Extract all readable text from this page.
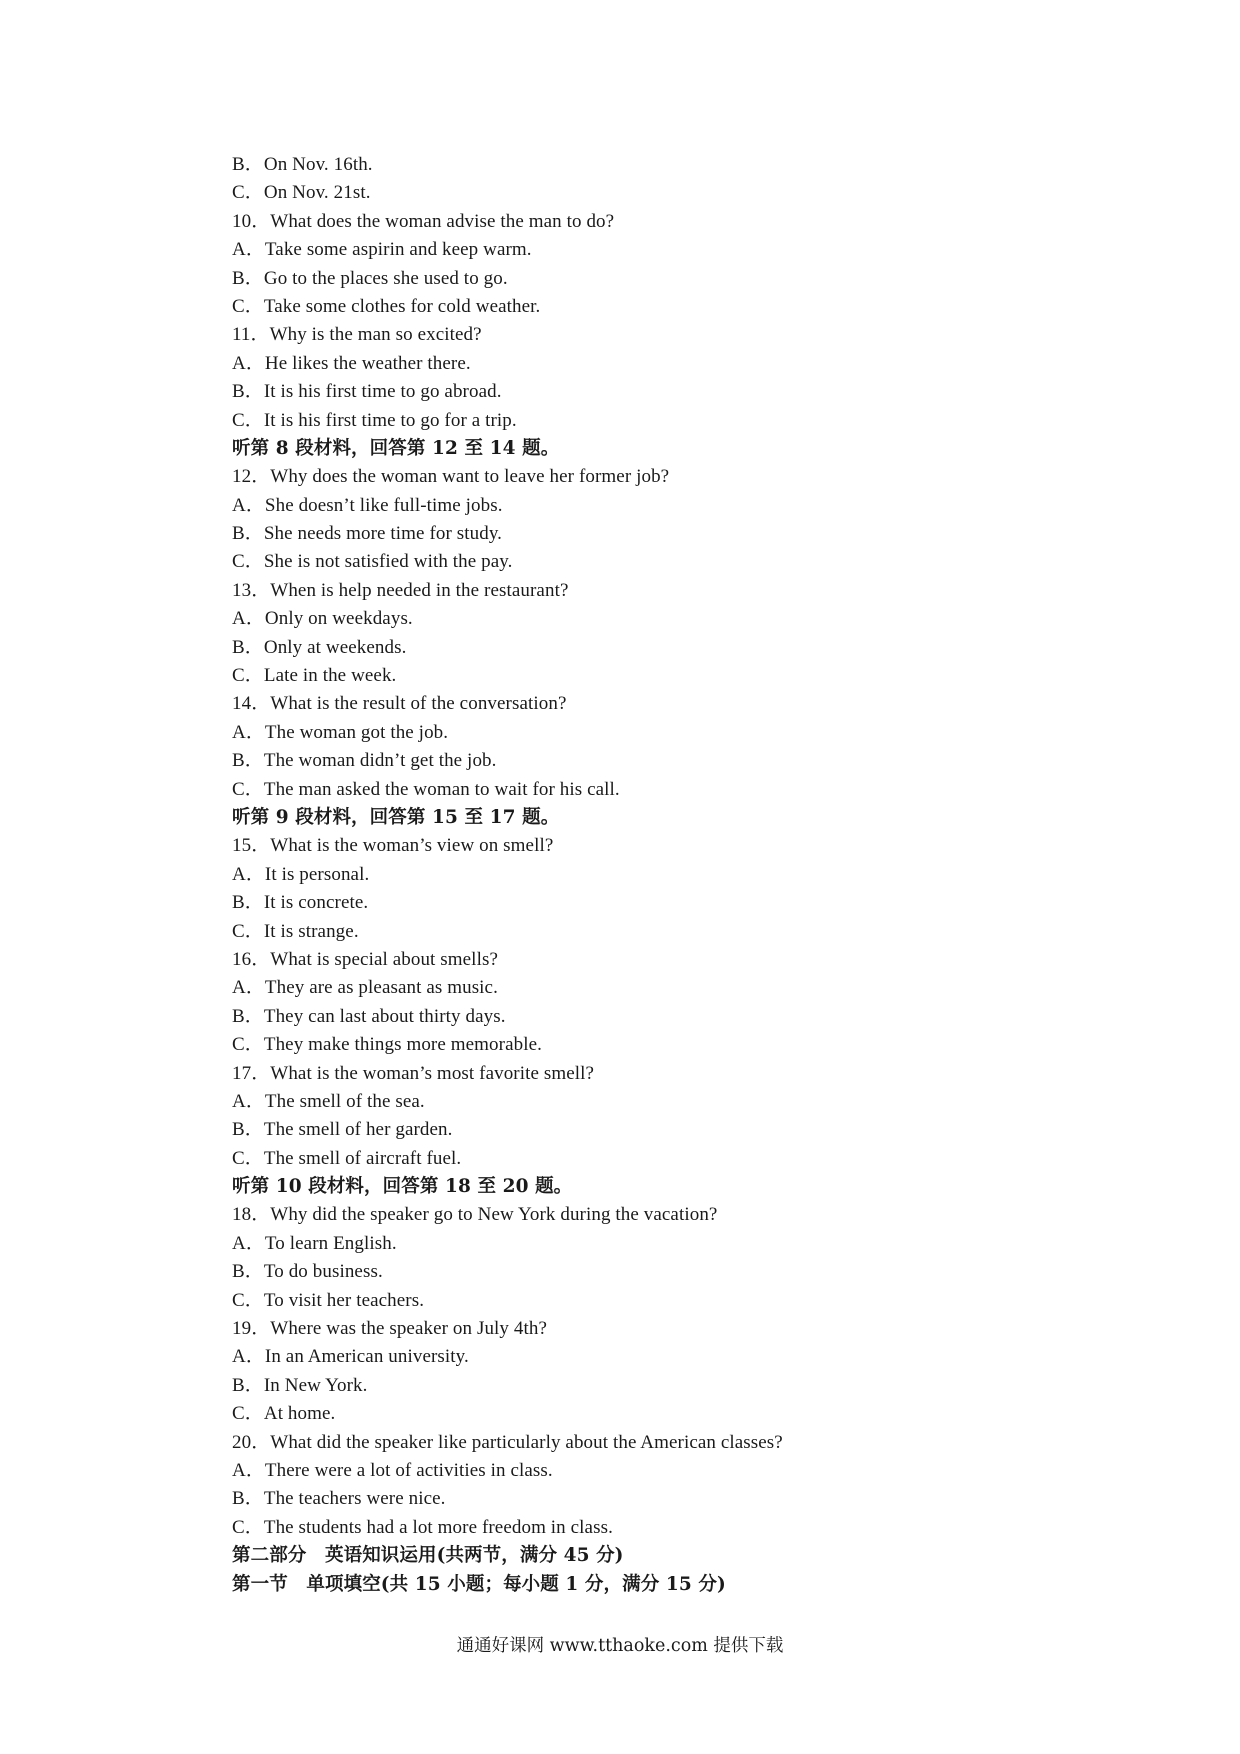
B．On Nov. 16th.
C．On Nov. 21st.
10．What does the woman advise the man to do?
A．Take some aspirin and keep warm.
B．Go to the places she used to go.
C．Take some clothes for cold weather.
11．Why is the man so excited?
A．He likes the weather there.
B．It is his first time to go abroad.
C．It is his first time to go for a trip.
听第 8 段材料，回答第 12 至 14 题。
12．Why does the woman want to leave her former job?
A．She doesn’t like full-time jobs.
B．She needs more time for study.
C．She is not satisfied with the pay.
13．When is help needed in the restaurant?
A．Only on weekdays.
B．Only at weekends.
C．Late in the week.
14．What is the result of the conversation?
A．The woman got the job.
B．The woman didn’t get the job.
C．The man asked the woman to wait for his call.
听第 9 段材料，回答第 15 至 17 题。
15．What is the woman’s view on smell?
A．It is personal.
B．It is concrete.
C．It is strange.
16．What is special about smells?
A．They are as pleasant as music.
B．They can last about thirty days.
C．They make things more memorable.
17．What is the woman’s most favorite smell?
A．The smell of the sea.
B．The smell of her garden.
C．The smell of aircraft fuel.
听第 10 段材料，回答第 18 至 20 题。
18．Why did the speaker go to New York during the vacation?
A．To learn English.
B．To do business.
C．To visit her teachers.
19．Where was the speaker on July 4th?
A．In an American university.
B．In New York.
C．At home.
20．What did the speaker like particularly about the American classes?
A．There were a lot of activities in class.
B．The teachers were nice.
C．The students had a lot more freedom in class.
第二部分　英语知识运用(共两节，满分 45 分)
第一节　单项填空(共 15 小题；每小题 1 分，满分 15 分)
通通好课网 www.tthaoke.com 提供下载
